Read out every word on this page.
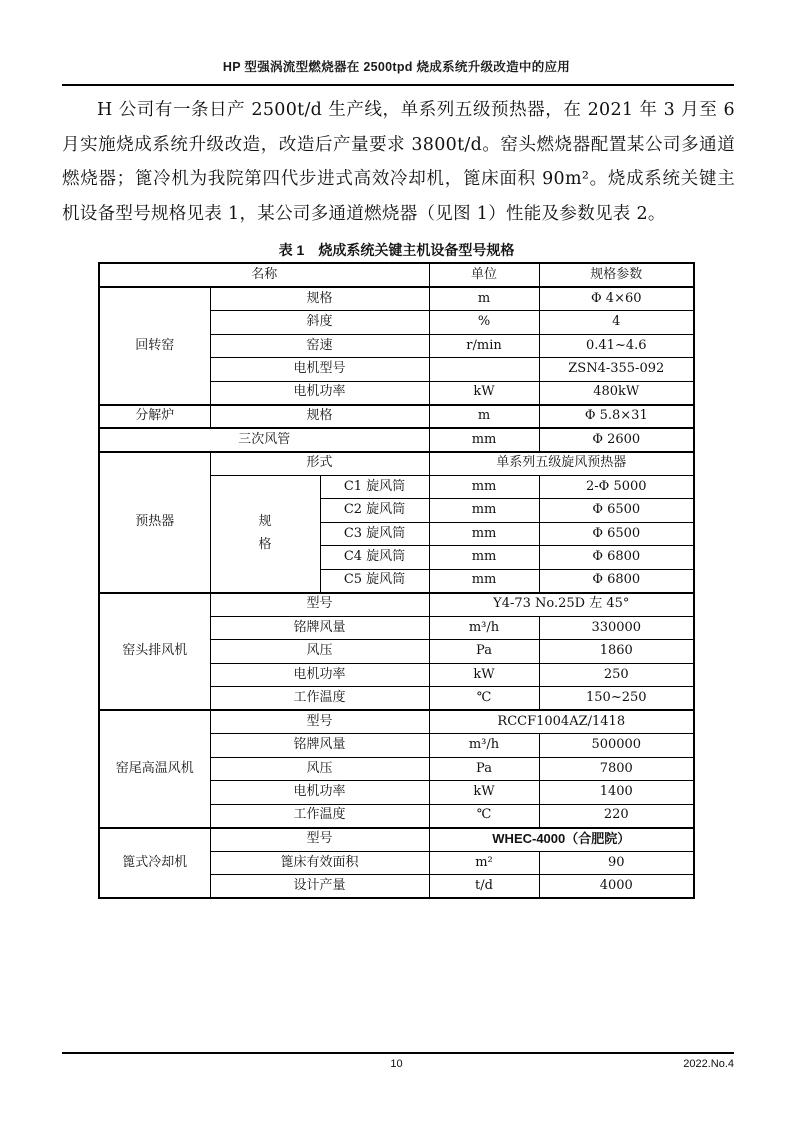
HP 型强涡流型燃烧器在 2500tpd 烧成系统升级改造中的应用

H 公司有一条日产 2500t/d 生产线，单系列五级预热器，在 2021 年 3 月至 6 月实施烧成系统升级改造，改造后产量要求 3800t/d。窑头燃烧器配置某公司多通道燃烧器；篦冷机为我院第四代步进式高效冷却机，篦床面积 90m²。烧成系统关键主机设备型号规格见表 1，某公司多通道燃烧器（见图 1）性能及参数见表 2。

表 1　烧成系统关键主机设备型号规格
名称			单位	规格参数
回转窑	规格		m	Φ 4×60
	斜度		%	4
	窑速		r/min	0.41~4.6
	电机型号			ZSN4-355-092
	电机功率		kW	480kW
分解炉	规格		m	Φ 5.8×31
三次风管			mm	Φ 2600
预热器	形式		单系列五级旋风预热器	
	规格	C1 旋风筒	mm	2-Φ 5000
		C2 旋风筒	mm	Φ 6500
		C3 旋风筒	mm	Φ 6500
		C4 旋风筒	mm	Φ 6800
		C5 旋风筒	mm	Φ 6800
窑头排风机	型号		Y4-73 No.25D 左 45°	
	铭牌风量		m³/h	330000
	风压		Pa	1860
	电机功率		kW	250
	工作温度		℃	150~250
窑尾高温风机	型号		RCCF1004AZ/1418	
	铭牌风量		m³/h	500000
	风压		Pa	7800
	电机功率		kW	1400
	工作温度		℃	220
篦式冷却机	型号		WHEC-4000（合肥院）	
	篦床有效面积		m²	90
	设计产量		t/d	4000
10	2022.No.4
